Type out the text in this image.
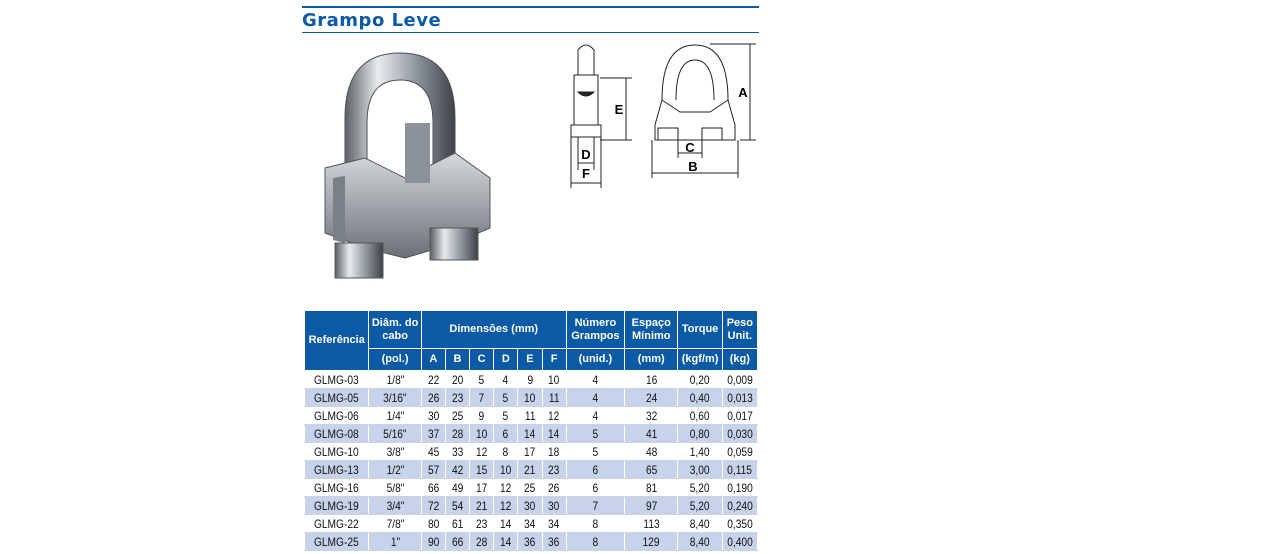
Grampo Leve
D
F
E
C
B
A
Referência	Diâm. do cabo	Dimensões (mm)						Número Grampos	Espaço Mínimo	Torque	Peso Unit.
	(pol.)	A	B	C	D	E	F	(unid.)	(mm)	(kgf/m)	(kg)
GLMG-03	1/8"	22	20	5	4	9	10	4	16	0,20	0,009
GLMG-05	3/16"	26	23	7	5	10	11	4	24	0,40	0,013
GLMG-06	1/4"	30	25	9	5	11	12	4	32	0,60	0,017
GLMG-08	5/16"	37	28	10	6	14	14	5	41	0,80	0,030
GLMG-10	3/8"	45	33	12	8	17	18	5	48	1,40	0,059
GLMG-13	1/2"	57	42	15	10	21	23	6	65	3,00	0,115
GLMG-16	5/8"	66	49	17	12	25	26	6	81	5,20	0,190
GLMG-19	3/4"	72	54	21	12	30	30	7	97	5,20	0,240
GLMG-22	7/8"	80	61	23	14	34	34	8	113	8,40	0,350
GLMG-25	1"	90	66	28	14	36	36	8	129	8,40	0,400
